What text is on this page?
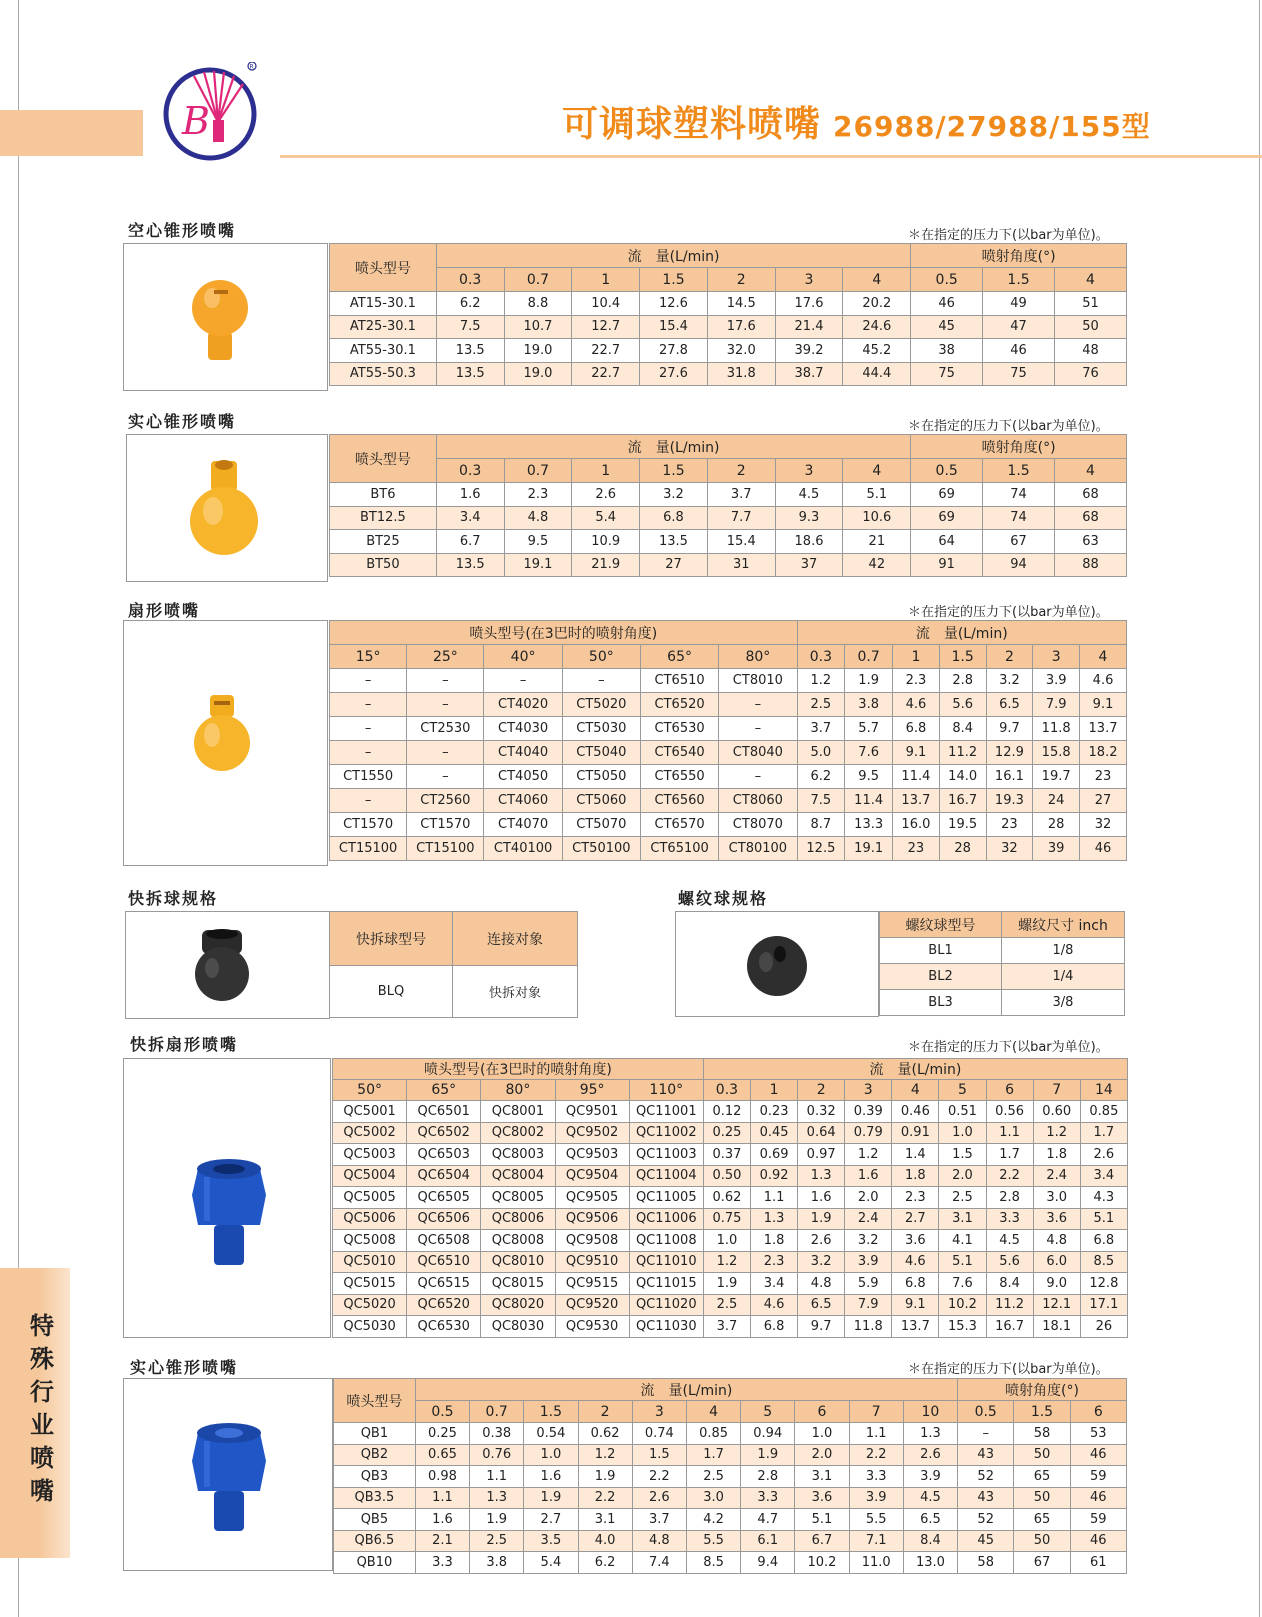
B
R
可调球塑料喷嘴 26988/27988/155型
特殊行业喷嘴
空心锥形喷嘴	＊在指定的压力下(以bar为单位)。
喷头型号	流　量(L/min)							喷射角度(°)		
	0.3	0.7	1	1.5	2	3	4	0.5	1.5	4
AT15-30.1	6.2	8.8	10.4	12.6	14.5	17.6	20.2	46	49	51
AT25-30.1	7.5	10.7	12.7	15.4	17.6	21.4	24.6	45	47	50
AT55-30.1	13.5	19.0	22.7	27.8	32.0	39.2	45.2	38	46	48
AT55-50.3	13.5	19.0	22.7	27.6	31.8	38.7	44.4	75	75	76
实心锥形喷嘴	＊在指定的压力下(以bar为单位)。
喷头型号	流　量(L/min)							喷射角度(°)		
	0.3	0.7	1	1.5	2	3	4	0.5	1.5	4
BT6	1.6	2.3	2.6	3.2	3.7	4.5	5.1	69	74	68
BT12.5	3.4	4.8	5.4	6.8	7.7	9.3	10.6	69	74	68
BT25	6.7	9.5	10.9	13.5	15.4	18.6	21	64	67	63
BT50	13.5	19.1	21.9	27	31	37	42	91	94	88
扇形喷嘴	＊在指定的压力下(以bar为单位)。
喷头型号(在3巴时的喷射角度)						流　量(L/min)						
15°	25°	40°	50°	65°	80°	0.3	0.7	1	1.5	2	3	4
–	–	–	–	CT6510	CT8010	1.2	1.9	2.3	2.8	3.2	3.9	4.6
–	–	CT4020	CT5020	CT6520	–	2.5	3.8	4.6	5.6	6.5	7.9	9.1
–	CT2530	CT4030	CT5030	CT6530	–	3.7	5.7	6.8	8.4	9.7	11.8	13.7
–	–	CT4040	CT5040	CT6540	CT8040	5.0	7.6	9.1	11.2	12.9	15.8	18.2
CT1550	–	CT4050	CT5050	CT6550	–	6.2	9.5	11.4	14.0	16.1	19.7	23
–	CT2560	CT4060	CT5060	CT6560	CT8060	7.5	11.4	13.7	16.7	19.3	24	27
CT1570	CT1570	CT4070	CT5070	CT6570	CT8070	8.7	13.3	16.0	19.5	23	28	32
CT15100	CT15100	CT40100	CT50100	CT65100	CT80100	12.5	19.1	23	28	32	39	46
快拆球规格
快拆球型号	连接对象
BLQ	快拆对象
螺纹球规格
螺纹球型号	螺纹尺寸 inch
BL1	1/8
BL2	1/4
BL3	3/8
快拆扇形喷嘴	＊在指定的压力下(以bar为单位)。
喷头型号(在3巴时的喷射角度)					流　量(L/min)								
50°	65°	80°	95°	110°	0.3	1	2	3	4	5	6	7	14
QC5001	QC6501	QC8001	QC9501	QC11001	0.12	0.23	0.32	0.39	0.46	0.51	0.56	0.60	0.85
QC5002	QC6502	QC8002	QC9502	QC11002	0.25	0.45	0.64	0.79	0.91	1.0	1.1	1.2	1.7
QC5003	QC6503	QC8003	QC9503	QC11003	0.37	0.69	0.97	1.2	1.4	1.5	1.7	1.8	2.6
QC5004	QC6504	QC8004	QC9504	QC11004	0.50	0.92	1.3	1.6	1.8	2.0	2.2	2.4	3.4
QC5005	QC6505	QC8005	QC9505	QC11005	0.62	1.1	1.6	2.0	2.3	2.5	2.8	3.0	4.3
QC5006	QC6506	QC8006	QC9506	QC11006	0.75	1.3	1.9	2.4	2.7	3.1	3.3	3.6	5.1
QC5008	QC6508	QC8008	QC9508	QC11008	1.0	1.8	2.6	3.2	3.6	4.1	4.5	4.8	6.8
QC5010	QC6510	QC8010	QC9510	QC11010	1.2	2.3	3.2	3.9	4.6	5.1	5.6	6.0	8.5
QC5015	QC6515	QC8015	QC9515	QC11015	1.9	3.4	4.8	5.9	6.8	7.6	8.4	9.0	12.8
QC5020	QC6520	QC8020	QC9520	QC11020	2.5	4.6	6.5	7.9	9.1	10.2	11.2	12.1	17.1
QC5030	QC6530	QC8030	QC9530	QC11030	3.7	6.8	9.7	11.8	13.7	15.3	16.7	18.1	26
实心锥形喷嘴	＊在指定的压力下(以bar为单位)。
喷头型号	流　量(L/min)										喷射角度(°)		
	0.5	0.7	1.5	2	3	4	5	6	7	10	0.5	1.5	6
QB1	0.25	0.38	0.54	0.62	0.74	0.85	0.94	1.0	1.1	1.3	–	58	53
QB2	0.65	0.76	1.0	1.2	1.5	1.7	1.9	2.0	2.2	2.6	43	50	46
QB3	0.98	1.1	1.6	1.9	2.2	2.5	2.8	3.1	3.3	3.9	52	65	59
QB3.5	1.1	1.3	1.9	2.2	2.6	3.0	3.3	3.6	3.9	4.5	43	50	46
QB5	1.6	1.9	2.7	3.1	3.7	4.2	4.7	5.1	5.5	6.5	52	65	59
QB6.5	2.1	2.5	3.5	4.0	4.8	5.5	6.1	6.7	7.1	8.4	45	50	46
QB10	3.3	3.8	5.4	6.2	7.4	8.5	9.4	10.2	11.0	13.0	58	67	61
